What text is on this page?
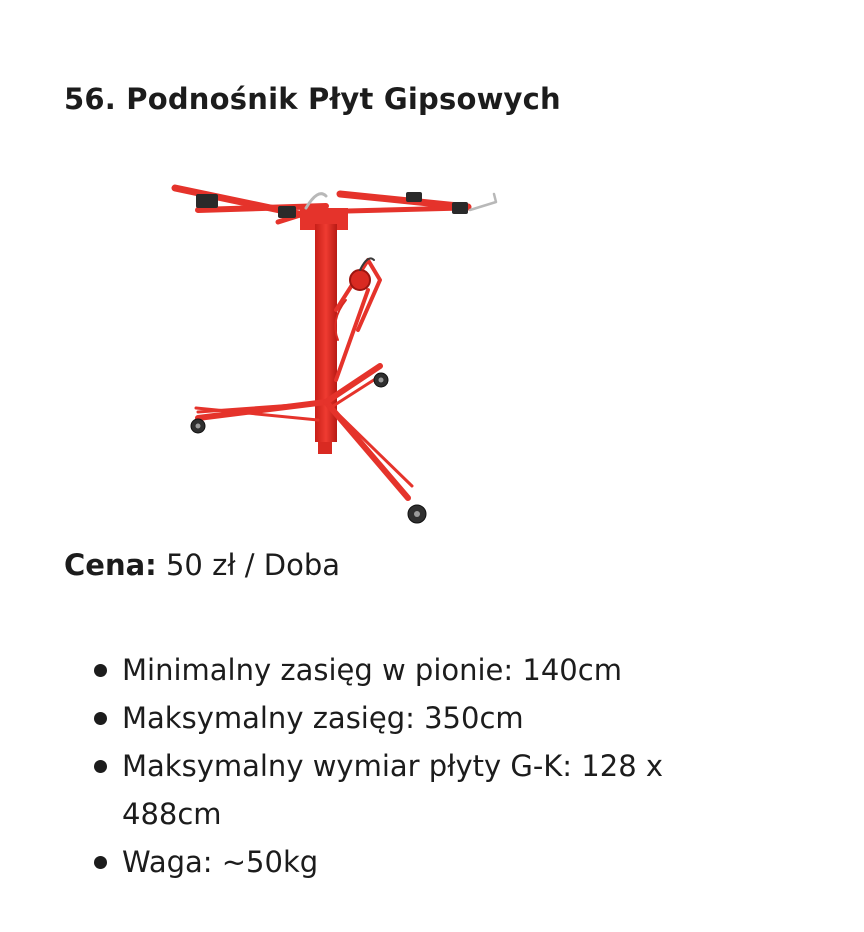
56. Podnośnik Płyt Gipsowych

Cena: 50 zł / Doba

Minimalny zasięg w pionie: 140cm
Maksymalny zasięg: 350cm
Maksymalny wymiar płyty G-K: 128 x 488cm
Waga: ~50kg
